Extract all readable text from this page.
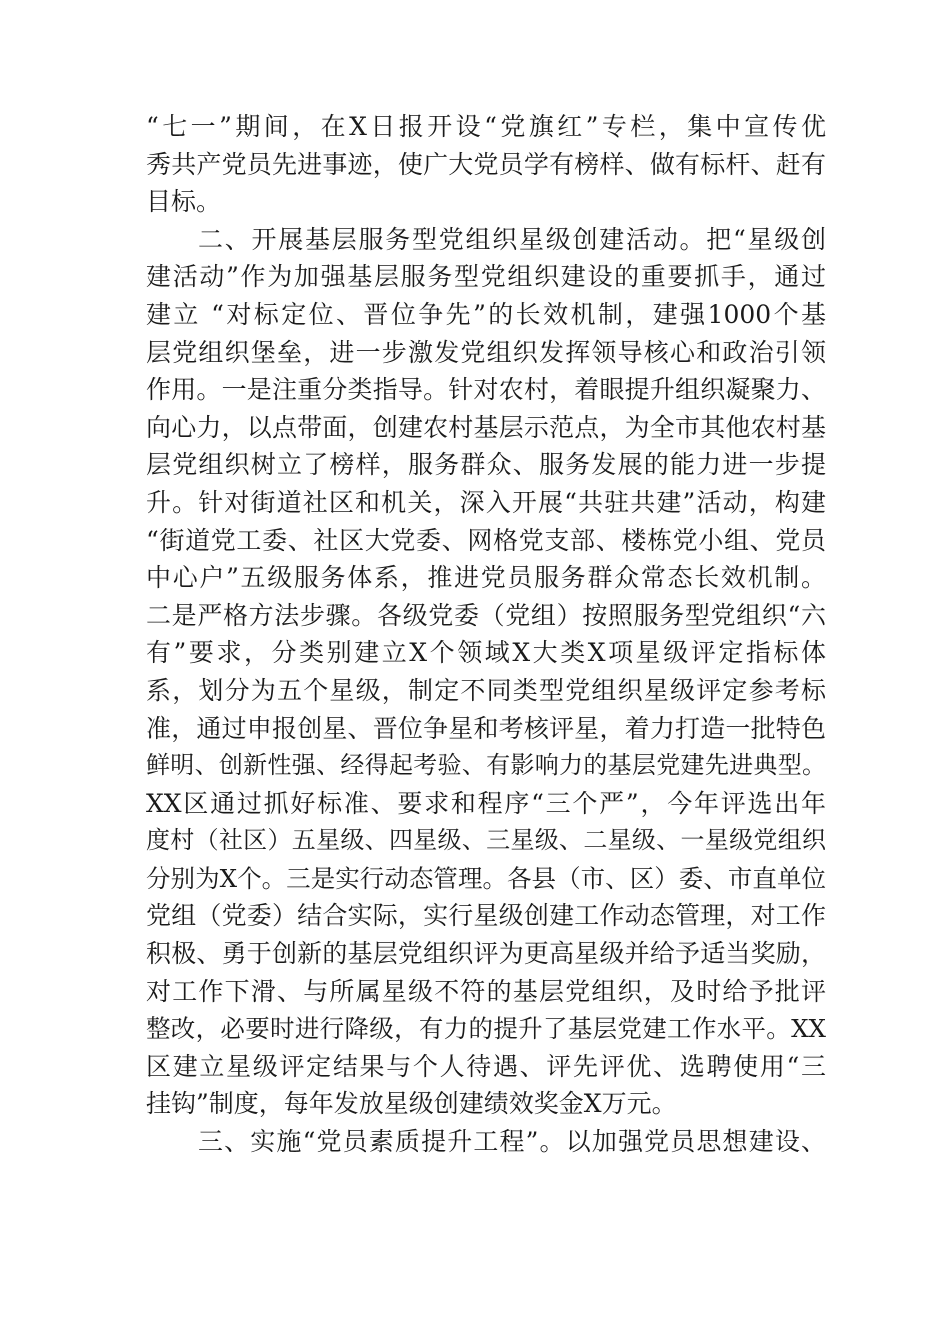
“七一”期间，在X日报开设“党旗红”专栏，集中宣传优
秀共产党员先进事迹，使广大党员学有榜样、做有标杆、赶有
目标。
二、开展基层服务型党组织星级创建活动。把“星级创
建活动”作为加强基层服务型党组织建设的重要抓手，通过
建立 “对标定位、晋位争先”的长效机制，建强1000个基
层党组织堡垒，进一步激发党组织发挥领导核心和政治引领
作用。一是注重分类指导。针对农村，着眼提升组织凝聚力、
向心力，以点带面，创建农村基层示范点，为全市其他农村基
层党组织树立了榜样，服务群众、服务发展的能力进一步提
升。针对街道社区和机关，深入开展“共驻共建”活动，构建
“街道党工委、社区大党委、网格党支部、楼栋党小组、党员
中心户”五级服务体系，推进党员服务群众常态长效机制。
二是严格方法步骤。各级党委（党组）按照服务型党组织“六
有”要求，分类别建立X个领域X大类X项星级评定指标体
系，划分为五个星级，制定不同类型党组织星级评定参考标
准，通过申报创星、晋位争星和考核评星，着力打造一批特色
鲜明、创新性强、经得起考验、有影响力的基层党建先进典型。
XX区通过抓好标准、要求和程序“三个严”，今年评选出年
度村（社区）五星级、四星级、三星级、二星级、一星级党组织
分别为X个。三是实行动态管理。各县（市、区）委、市直单位
党组（党委）结合实际，实行星级创建工作动态管理，对工作
积极、勇于创新的基层党组织评为更高星级并给予适当奖励，
对工作下滑、与所属星级不符的基层党组织，及时给予批评
整改，必要时进行降级，有力的提升了基层党建工作水平。XX
区建立星级评定结果与个人待遇、评先评优、选聘使用“三
挂钩”制度，每年发放星级创建绩效奖金X万元。
三、实施“党员素质提升工程”。以加强党员思想建设、
